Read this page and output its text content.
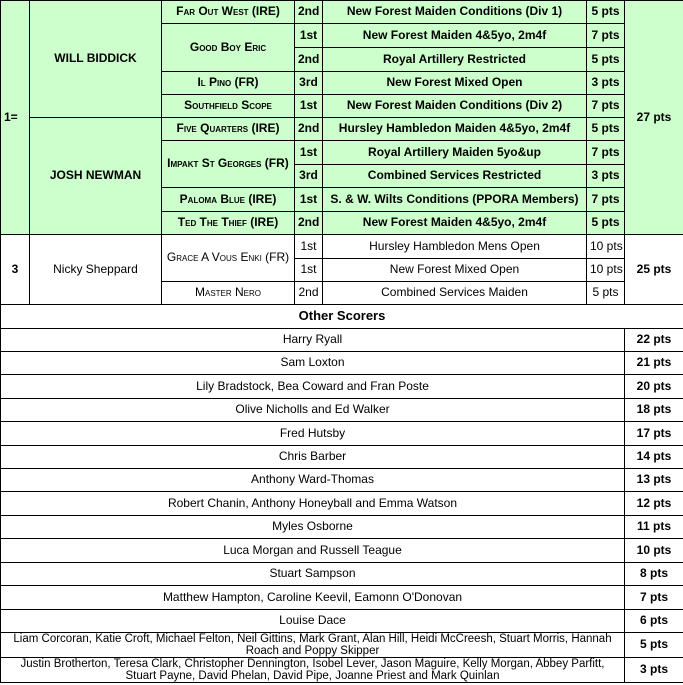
1=	WILL BIDDICK	Far Out West (IRE)	2nd	New Forest Maiden Conditions (Div 1)	5 pts	27 pts
		Good Boy Eric	1st	New Forest Maiden 4&5yo, 2m4f	7 pts	
			2nd	Royal Artillery Restricted	5 pts	
		Il Pino (FR)	3rd	New Forest Mixed Open	3 pts	
		Southfield Scope	1st	New Forest Maiden Conditions (Div 2)	7 pts	
	JOSH NEWMAN	Five Quarters (IRE)	2nd	Hursley Hambledon Maiden 4&5yo, 2m4f	5 pts	
		Impakt St Georges (FR)	1st	Royal Artillery Maiden 5yo&up	7 pts	
			3rd	Combined Services Restricted	3 pts	
		Paloma Blue (IRE)	1st	S. & W. Wilts Conditions (PPORA Members)	7 pts	
		Ted The Thief (IRE)	2nd	New Forest Maiden 4&5yo, 2m4f	5 pts	
3	Nicky Sheppard	Grace A Vous Enki (FR)	1st	Hursley Hambledon Mens Open	10 pts	25 pts
			1st	New Forest Mixed Open	10 pts	
		Master Nero	2nd	Combined Services Maiden	5 pts	
Other Scorers						
Harry Ryall						22 pts
Sam Loxton						21 pts
Lily Bradstock, Bea Coward and Fran Poste						20 pts
Olive Nicholls and Ed Walker						18 pts
Fred Hutsby						17 pts
Chris Barber						14 pts
Anthony Ward-Thomas						13 pts
Robert Chanin, Anthony Honeyball and Emma Watson						12 pts
Myles Osborne						11 pts
Luca Morgan and Russell Teague						10 pts
Stuart Sampson						8 pts
Matthew Hampton, Caroline Keevil, Eamonn O'Donovan						7 pts
Louise Dace						6 pts
Liam Corcoran, Katie Croft, Michael Felton, Neil Gittins, Mark Grant, Alan Hill, Heidi McCreesh, Stuart Morris, Hannah Roach and Poppy Skipper						5 pts
Justin Brotherton, Teresa Clark, Christopher Dennington, Isobel Lever, Jason Maguire, Kelly Morgan, Abbey Parfitt, Stuart Payne, David Phelan, David Pipe, Joanne Priest and Mark Quinlan						3 pts
